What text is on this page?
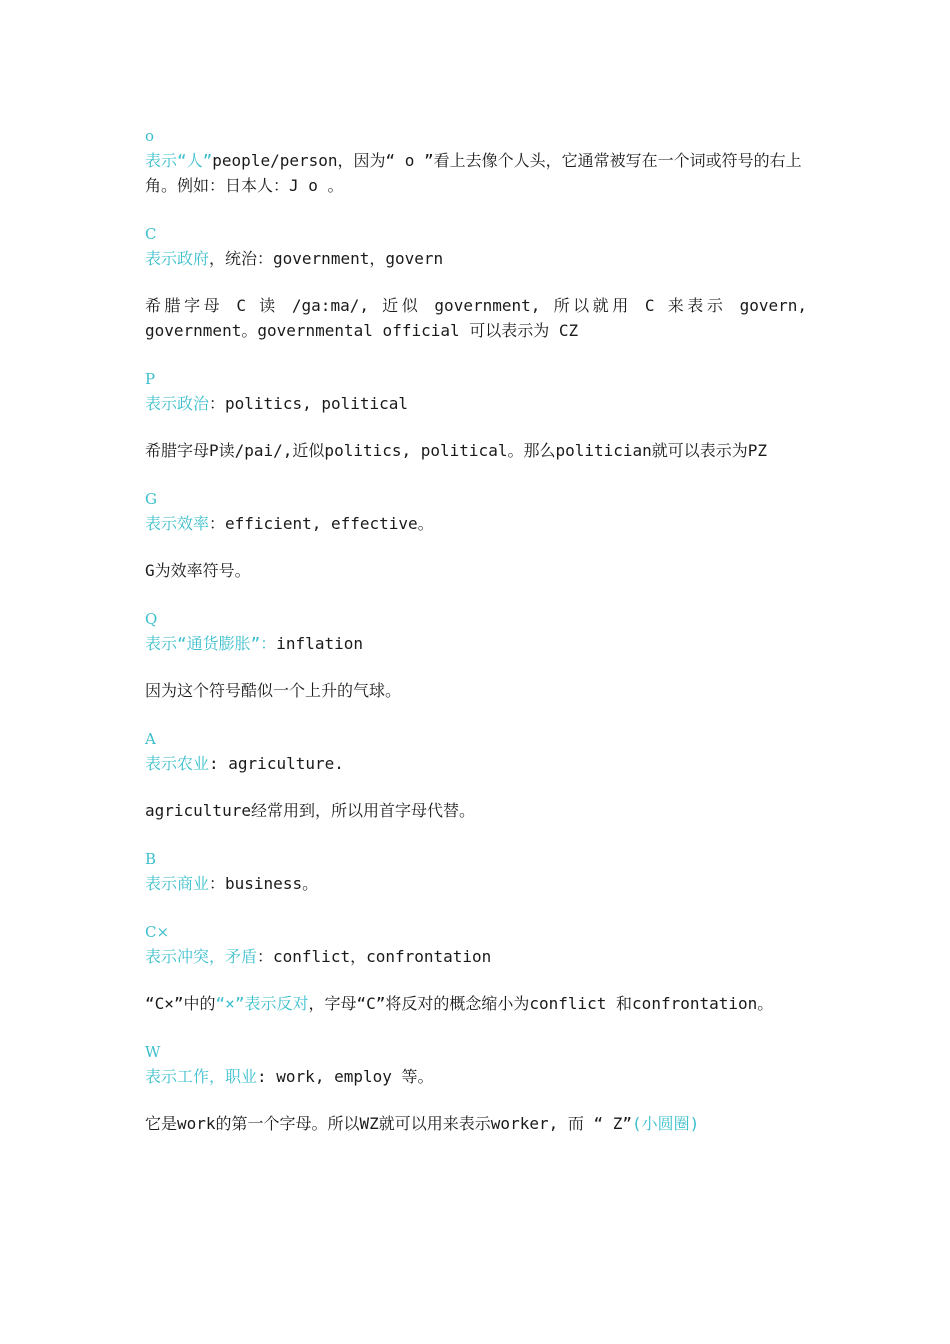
o

表示“人”people/person，因为“ o ”看上去像个人头，它通常被写在一个词或符号的右上角。例如：日本人：J o 。

C

表示政府，统治：government，govern

希腊字母 C 读 /ga:ma/, 近似 government, 所以就用 C 来表示 govern, government。governmental official 可以表示为 CZ

P

表示政治：politics, political

希腊字母P读/pai/,近似politics, political。那么politician就可以表示为PZ

G

表示效率：efficient, effective。

G为效率符号。

Q

表示“通货膨胀”：inflation

因为这个符号酷似一个上升的气球。

A

表示农业: agriculture.

agriculture经常用到，所以用首字母代替。

B

表示商业：business。

C×

表示冲突，矛盾：conflict，confrontation

“C×”中的“×”表示反对，字母“C”将反对的概念缩小为conflict 和confrontation。

W

表示工作，职业: work, employ 等。

它是work的第一个字母。所以WZ就可以用来表示worker, 而 “ Z”(小圆圈)
